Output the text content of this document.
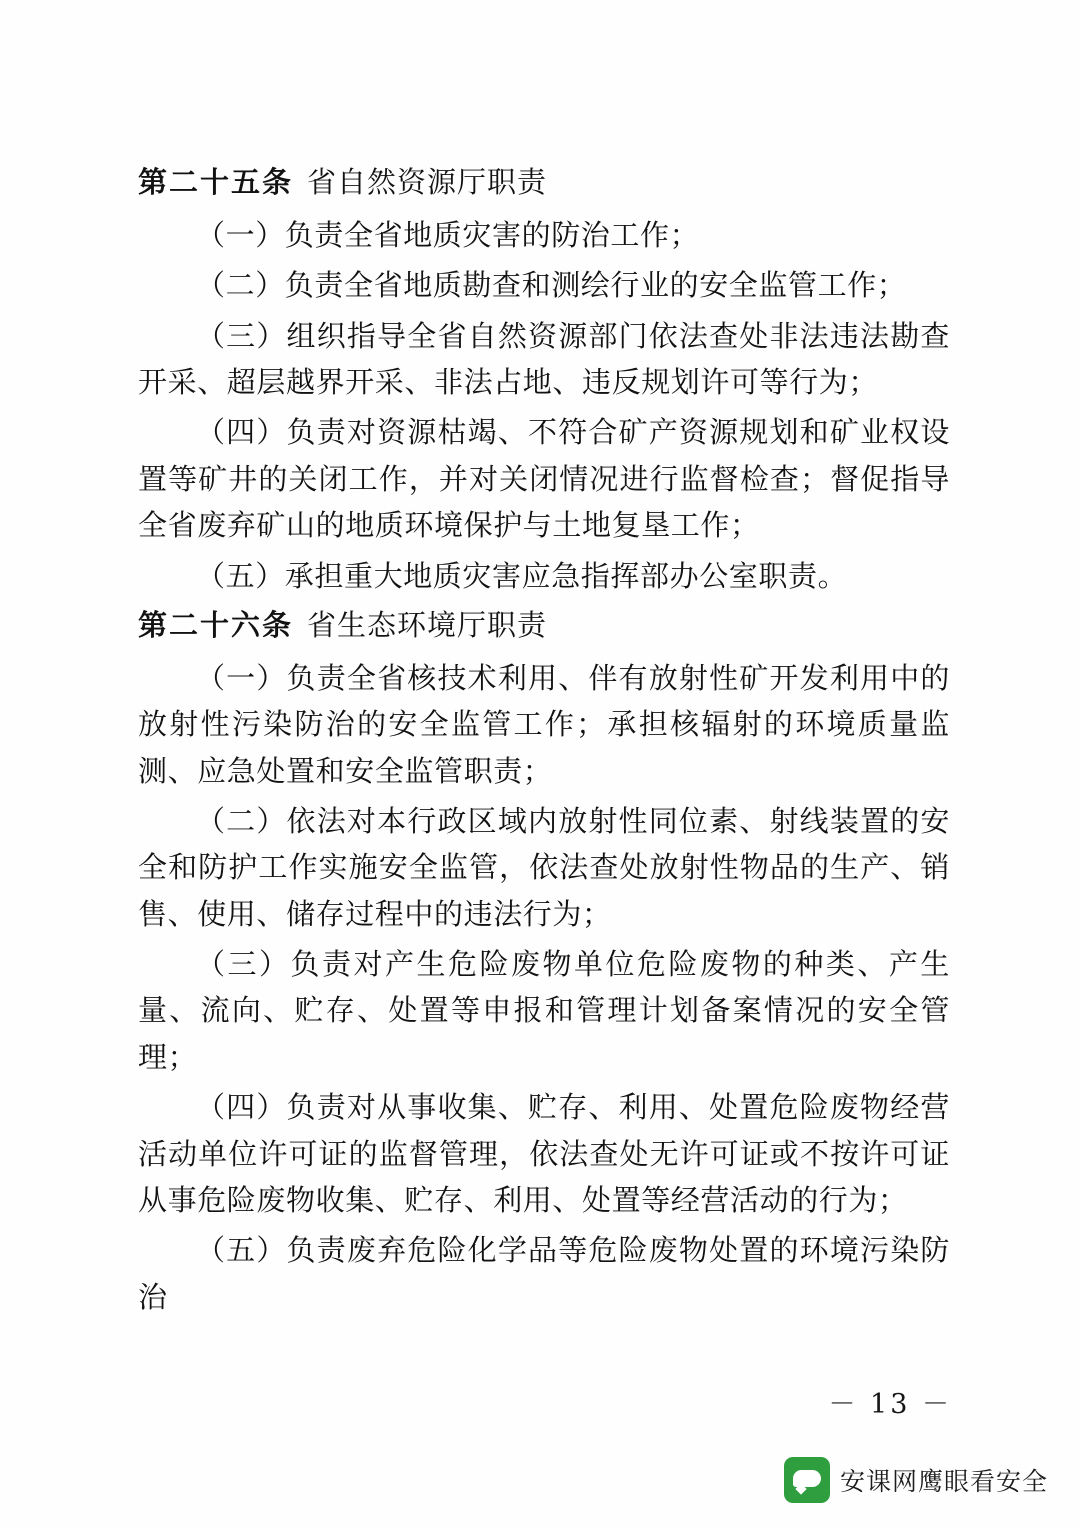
第二十五条 省自然资源厅职责

（一）负责全省地质灾害的防治工作；

（二）负责全省地质勘查和测绘行业的安全监管工作；

（三）组织指导全省自然资源部门依法查处非法违法勘查开采、超层越界开采、非法占地、违反规划许可等行为；

（四）负责对资源枯竭、不符合矿产资源规划和矿业权设置等矿井的关闭工作，并对关闭情况进行监督检查；督促指导全省废弃矿山的地质环境保护与土地复垦工作；

（五）承担重大地质灾害应急指挥部办公室职责。

第二十六条 省生态环境厅职责

（一）负责全省核技术利用、伴有放射性矿开发利用中的放射性污染防治的安全监管工作；承担核辐射的环境质量监测、应急处置和安全监管职责；

（二）依法对本行政区域内放射性同位素、射线装置的安全和防护工作实施安全监管，依法查处放射性物品的生产、销售、使用、储存过程中的违法行为；

（三）负责对产生危险废物单位危险废物的种类、产生量、流向、贮存、处置等申报和管理计划备案情况的安全管理；

（四）负责对从事收集、贮存、利用、处置危险废物经营活动单位许可证的监督管理，依法查处无许可证或不按许可证从事危险废物收集、贮存、利用、处置等经营活动的行为；

（五）负责废弃危险化学品等危险废物处置的环境污染防治

－ 13 －
安课网鹰眼看安全
